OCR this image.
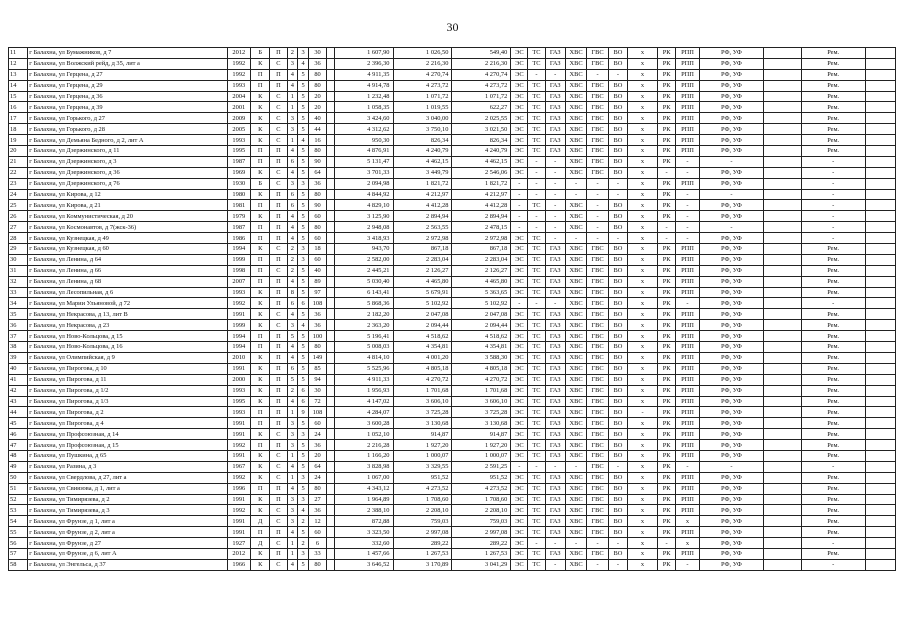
30
11	г Балахна, ул Бумажников, д 7	2012	Б	П	2	3	30		1 607,90	1 026,50	549,40	ЭС	ТС	ГАЗ	ХВС	ГВС	ВО	х	РК	РПП	РФ, УФ		Рем.	
12	г Балахна, ул Волжский рейд, д 35, лит а	1992	К	С	3	4	36		2 396,30	2 216,30	2 216,30	ЭС	ТС	ГАЗ	ХВС	ГВС	ВО	х	РК	РПП	РФ, УФ		Рем.	
13	г Балахна, ул Герцена, д 27	1992	П	П	4	5	80		4 911,35	4 270,74	4 270,74	ЭС	-	-	ХВС	-	-	х	РК	РПП	РФ, УФ		Рем.	
14	г Балахна, ул Герцена, д 29	1993	П	П	4	5	80		4 914,78	4 273,72	4 273,72	ЭС	ТС	ГАЗ	ХВС	ГВС	ВО	х	РК	РПП	РФ, УФ		Рем.	
15	г Балахна, ул Герцена, д 36	2004	К	С	1	5	20		1 232,48	1 071,72	1 071,72	ЭС	ТС	ГАЗ	ХВС	ГВС	ВО	х	РК	РПП	РФ, УФ		Рем.	
16	г Балахна, ул Герцена, д 39	2001	К	С	1	5	20		1 058,35	1 019,55	622,27	ЭС	ТС	ГАЗ	ХВС	ГВС	ВО	х	РК	РПП	РФ, УФ		Рем.	
17	г Балахна, ул Горького, д 27	2009	К	С	3	5	40		3 424,60	3 040,00	2 025,55	ЭС	ТС	ГАЗ	ХВС	ГВС	ВО	х	РК	РПП	РФ, УФ		Рем.	
18	г Балахна, ул Горького, д 28	2005	К	С	3	5	44		4 312,62	3 750,10	3 021,50	ЭС	ТС	ГАЗ	ХВС	ГВС	ВО	х	РК	РПП	РФ, УФ		Рем.	
19	г Балахна, ул Демьяна Бедного, д 2, лит А	1993	К	С	1	4	16		950,30	826,34	826,34	ЭС	ТС	ГАЗ	ХВС	ГВС	ВО	х	РК	РПП	РФ, УФ		Рем.	
20	г Балахна, ул Дзержинского, д 11	1995	П	П	4	5	80		4 876,91	4 240,79	4 240,79	ЭС	ТС	ГАЗ	ХВС	ГВС	ВО	х	РК	РПП	РФ, УФ		Рем.	
21	г Балахна, ул Дзержинского, д 3	1987	П	П	6	5	90		5 131,47	4 462,15	4 462,15	ЭС	-	-	ХВС	ГВС	ВО	х	РК	-	-		-	
22	г Балахна, ул Дзержинского, д 36	1969	К	С	4	5	64		3 701,33	3 449,79	2 546,06	ЭС	-	-	ХВС	ГВС	ВО	х	-	-	РФ, УФ		-	
23	г Балахна, ул Дзержинского, д 76	1930	Б	С	3	3	36		2 094,98	1 821,72	1 821,72	-	-	-	-	-	-	х	РК	РПП	РФ, УФ		-	
24	г Балахна, ул Кирова, д 12	1980	К	П	6	5	80		4 844,92	4 212,97	4 212,97	-	-	-	-	-	-	х	РК	-	-		-	
25	г Балахна, ул Кирова, д 21	1981	П	П	6	5	90		4 829,10	4 412,28	4 412,28	-	ТС	-	ХВС	-	ВО	х	РК	-	РФ, УФ		-	
26	г Балахна, ул Коммунистическая, д 20	1979	К	П	4	5	60		3 125,90	2 894,94	2 894,94	-	-	-	ХВС	-	ВО	х	РК	-	РФ, УФ		-	
27	г Балахна, ул Космонавтов, д 7(жск-36)	1987	П	П	4	5	80		2 948,08	2 563,55	2 478,15	-	-	-	ХВС	-	ВО	х	-	-	-		-	
28	г Балахна, ул Кузнецкая, д 49	1986	П	П	4	5	60		3 418,93	2 972,98	2 972,98	ЭС	ТС	-	-	-	-	х	-	-	РФ, УФ		-	
29	г Балахна, ул Кузнецкая, д 60	1994	К	С	2	3	18		943,70	867,18	867,18	ЭС	ТС	ГАЗ	ХВС	ГВС	ВО	х	РК	РПП	РФ, УФ		Рем.	
30	г Балахна, ул Ленина, д 64	1999	П	П	2	3	60		2 582,00	2 283,04	2 283,04	ЭС	ТС	ГАЗ	ХВС	ГВС	ВО	х	РК	РПП	РФ, УФ		Рем.	
31	г Балахна, ул Ленина, д 66	1998	П	С	2	5	40		2 445,21	2 126,27	2 126,27	ЭС	ТС	ГАЗ	ХВС	ГВС	ВО	х	РК	РПП	РФ, УФ		Рем.	
32	г Балахна, ул Ленина, д 68	2007	П	П	4	5	89		5 030,40	4 465,80	4 465,80	ЭС	ТС	ГАЗ	ХВС	ГВС	ВО	х	РК	РПП	РФ, УФ		Рем.	
33	г Балахна, ул Лесопильная, д 6	1993	К	П	8	5	97		6 143,41	5 679,91	5 363,65	ЭС	ТС	ГАЗ	ХВС	ГВС	ВО	х	РК	РПП	РФ, УФ		Рем.	
34	г Балахна, ул Марии Ульяновой, д 72	1992	К	П	6	6	108		5 868,36	5 102,92	5 102,92	-	-	-	ХВС	ГВС	ВО	х	РК	-	РФ, УФ		-	
35	г Балахна, ул Некрасова, д 13, лит В	1991	К	С	4	5	36		2 182,20	2 047,08	2 047,08	ЭС	ТС	ГАЗ	ХВС	ГВС	ВО	х	РК	РПП	РФ, УФ		Рем.	
36	г Балахна, ул Некрасова, д 23	1999	К	С	3	4	36		2 363,20	2 094,44	2 094,44	ЭС	ТС	ГАЗ	ХВС	ГВС	ВО	х	РК	РПП	РФ, УФ		Рем.	
37	г Балахна, ул Ново-Кольцова, д 15	1994	П	П	5	5	100		5 196,41	4 518,62	4 518,62	ЭС	ТС	ГАЗ	ХВС	ГВС	ВО	х	РК	РПП	РФ, УФ		Рем.	
38	г Балахна, ул Ново-Кольцова, д 16	1994	П	П	4	5	80		5 008,03	4 354,81	4 354,81	ЭС	ТС	ГАЗ	ХВС	ГВС	ВО	х	РК	РПП	РФ, УФ		Рем.	
39	г Балахна, ул Олимпийская, д 9	2010	К	П	4	5	149		4 814,10	4 001,20	3 588,30	ЭС	ТС	ГАЗ	ХВС	ГВС	ВО	х	РК	РПП	РФ, УФ		Рем.	
40	г Балахна, ул Пирогова, д 10	1991	К	П	6	5	85		5 525,96	4 805,18	4 805,18	ЭС	ТС	ГАЗ	ХВС	ГВС	ВО	х	РК	РПП	РФ, УФ		Рем.	
41	г Балахна, ул Пирогова, д 11	2000	К	П	5	5	94		4 911,33	4 270,72	4 270,72	ЭС	ТС	ГАЗ	ХВС	ГВС	ВО	х	РК	РПП	РФ, УФ		Рем.	
42	г Балахна, ул Пирогова, д 1/2	1993	К	П	2	6	30		1 956,93	1 701,68	1 701,68	ЭС	ТС	ГАЗ	ХВС	ГВС	ВО	х	РК	РПП	РФ, УФ		Рем.	
43	г Балахна, ул Пирогова, д 1/3	1995	К	П	4	6	72		4 147,02	3 606,10	3 606,10	ЭС	ТС	ГАЗ	ХВС	ГВС	ВО	х	РК	РПП	РФ, УФ		Рем.	
44	г Балахна, ул Пирогова, д 2	1993	П	П	1	9	108		4 284,07	3 725,28	3 725,28	ЭС	ТС	ГАЗ	ХВС	ГВС	ВО	-	РК	РПП	РФ, УФ		Рем.	
45	г Балахна, ул Пирогова, д 4	1991	П	П	3	5	60		3 600,28	3 130,68	3 130,68	ЭС	ТС	ГАЗ	ХВС	ГВС	ВО	х	РК	РПП	РФ, УФ		Рем.	
46	г Балахна, ул Профсоюзная, д 14	1991	К	С	3	3	24		1 052,10	914,87	914,87	ЭС	ТС	ГАЗ	ХВС	ГВС	ВО	х	РК	РПП	РФ, УФ		Рем.	
47	г Балахна, ул Профсоюзная, д 15	1992	П	П	3	5	36		2 216,28	1 927,20	1 927,20	ЭС	ТС	ГАЗ	ХВС	ГВС	ВО	х	РК	РПП	РФ, УФ		Рем.	
48	г Балахна, ул Пушкина, д 65	1991	К	С	1	5	20		1 166,20	1 000,07	1 000,07	ЭС	ТС	ГАЗ	ХВС	ГВС	ВО	х	РК	РПП	РФ, УФ		Рем.	
49	г Балахна, ул Разина, д 3	1967	К	С	4	5	64		3 828,98	3 329,55	2 591,25	-	-	-	-	ГВС	-	х	РК	-	-		-	
50	г Балахна, ул Свердлова, д 27, лит а	1992	К	С	1	3	24		1 067,00	951,52	951,52	ЭС	ТС	ГАЗ	ХВС	ГВС	ВО	х	РК	РПП	РФ, УФ		Рем.	
51	г Балахна, ул Свиязова, д 1, лит а	1996	П	П	4	5	80		4 343,12	4 273,52	4 273,52	ЭС	ТС	ГАЗ	ХВС	ГВС	ВО	х	РК	РПП	РФ, УФ		Рем.	
52	г Балахна, ул Тимирязева, д 2	1991	К	П	3	3	27		1 964,89	1 708,60	1 708,60	ЭС	ТС	ГАЗ	ХВС	ГВС	ВО	х	РК	РПП	РФ, УФ		Рем.	
53	г Балахна, ул Тимирязева, д 3	1992	К	С	3	4	36		2 388,10	2 208,10	2 208,10	ЭС	ТС	ГАЗ	ХВС	ГВС	ВО	х	РК	РПП	РФ, УФ		Рем.	
54	г Балахна, ул Фрунзе, д 1, лит а	1991	Д	С	3	2	12		872,88	759,03	759,03	ЭС	ТС	ГАЗ	ХВС	ГВС	ВО	х	РК	х	РФ, УФ		Рем.	
55	г Балахна, ул Фрунзе, д 2, лит а	1991	П	П	4	5	60		3 323,50	2 997,08	2 997,08	ЭС	ТС	ГАЗ	ХВС	ГВС	ВО	х	РК	РПП	РФ, УФ		Рем.	
56	г Балахна, ул Фрунзе, д 27	1927	Д	С	1	2	6		332,60	289,22	289,22	ЭС	-	-	-	-	-	х	-	х	РФ, УФ		-	
57	г Балахна, ул Фрунзе, д 6, лит А	2012	К	П	1	3	33		1 457,66	1 267,53	1 267,53	ЭС	ТС	ГАЗ	ХВС	ГВС	ВО	х	РК	РПП	РФ, УФ		Рем.	
58	г Балахна, ул Энгельса, д 37	1966	К	С	4	5	80		3 646,52	3 170,89	3 041,29	ЭС	ТС	-	ХВС	-	-	х	РК	-	РФ, УФ		-	
